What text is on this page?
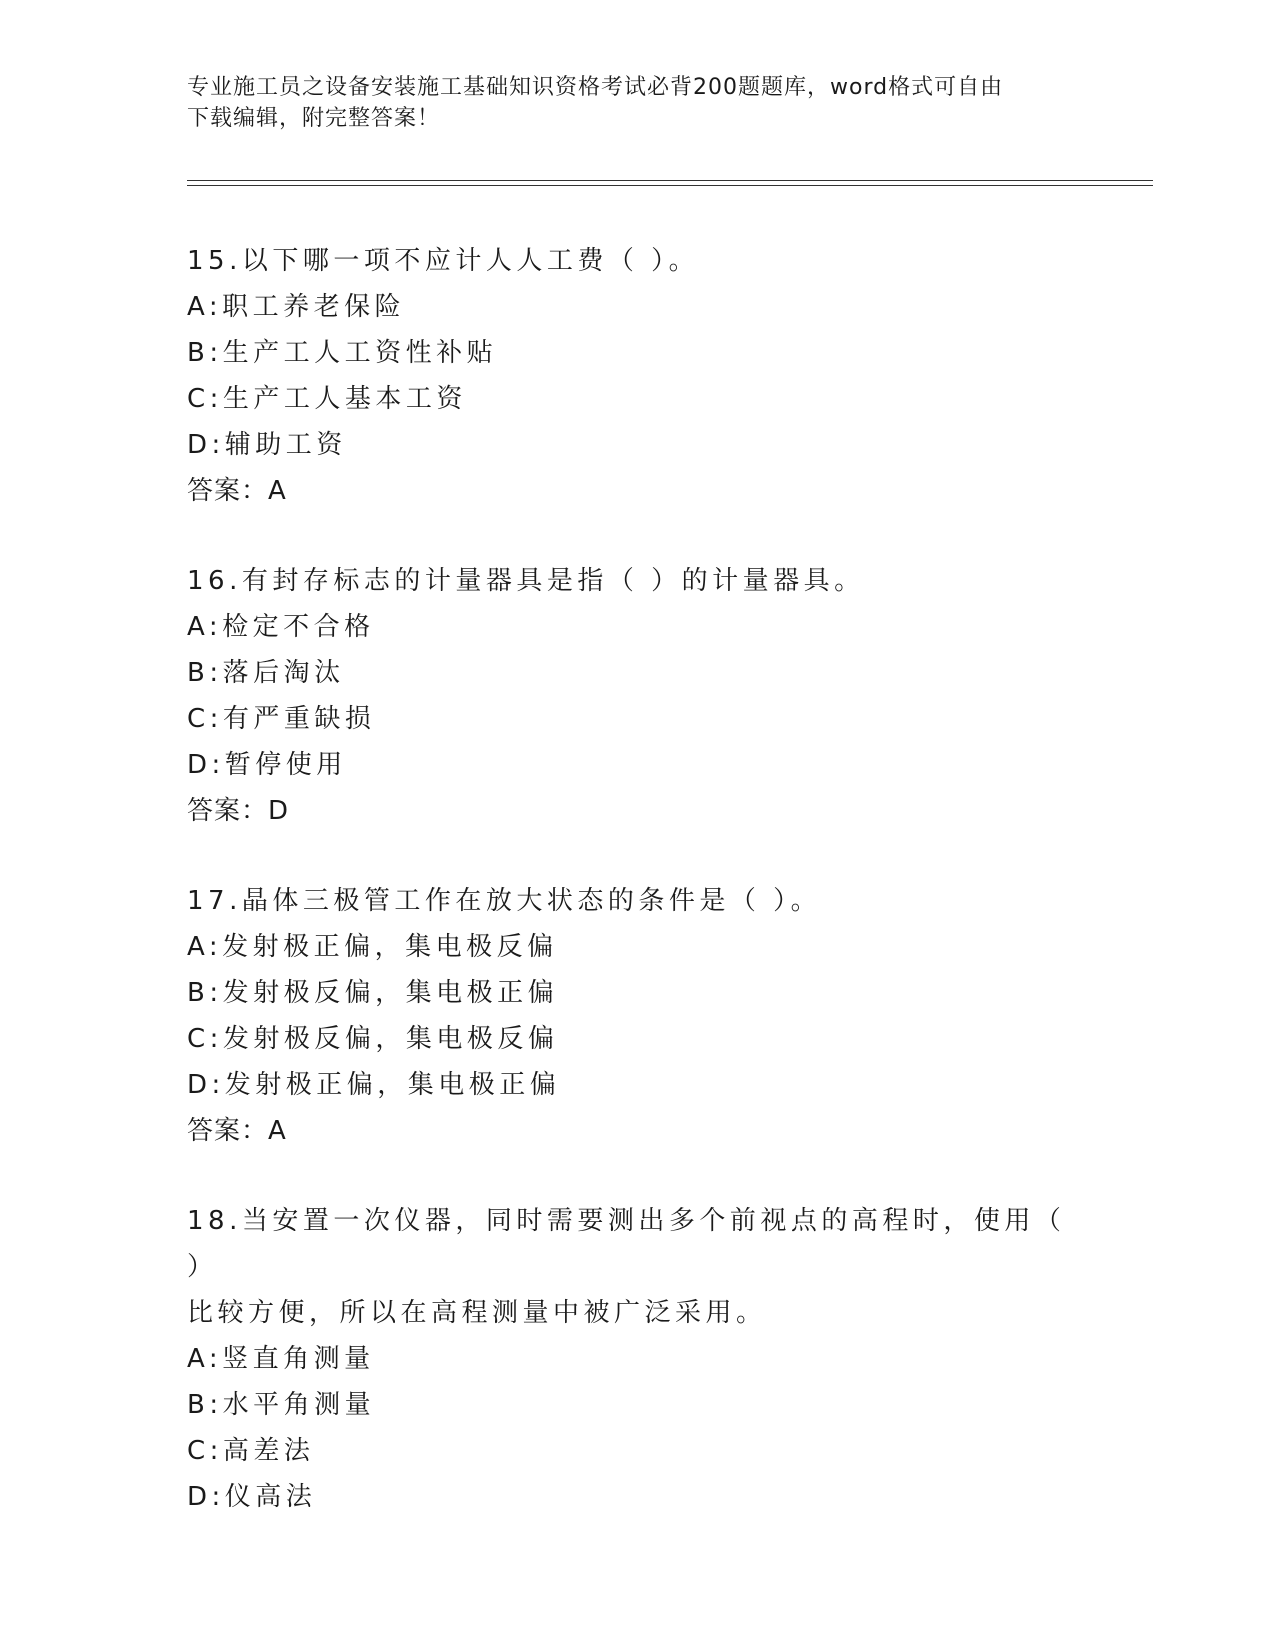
专业施工员之设备安装施工基础知识资格考试必背200题题库，word格式可自由
下载编辑，附完整答案！
15.以下哪一项不应计人人工费（ ）。
A:职工养老保险
B:生产工人工资性补贴
C:生产工人基本工资
D:辅助工资
答案：A
16.有封存标志的计量器具是指（ ）的计量器具。
A:检定不合格
B:落后淘汰
C:有严重缺损
D:暂停使用
答案：D
17.晶体三极管工作在放大状态的条件是（ ）。
A:发射极正偏，集电极反偏
B:发射极反偏，集电极正偏
C:发射极反偏，集电极反偏
D:发射极正偏，集电极正偏
答案：A
18.当安置一次仪器，同时需要测出多个前视点的高程时，使用（ ）
比较方便，所以在高程测量中被广泛采用。
A:竖直角测量
B:水平角测量
C:高差法
D:仪高法
